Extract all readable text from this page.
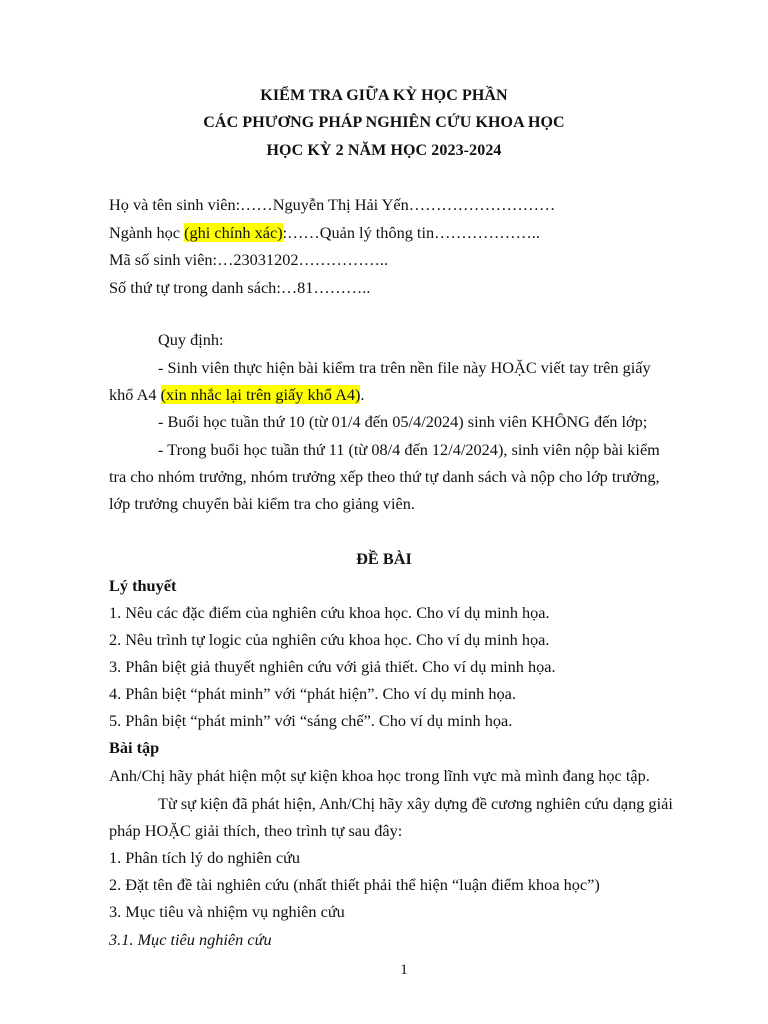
KIỂM TRA GIỮA KỲ HỌC PHẦN
CÁC PHƯƠNG PHÁP NGHIÊN CỨU KHOA HỌC
HỌC KỲ 2 NĂM HỌC 2023-2024
Họ và tên sinh viên:……Nguyễn Thị Hải Yến………………………
Ngành học (ghi chính xác):……Quản lý thông tin………………..
Mã số sinh viên:…23031202……………..
Số thứ tự trong danh sách:…81………..
Quy định:
- Sinh viên thực hiện bài kiểm tra trên nền file này HOẶC viết tay trên giấy
khổ A4 (xin nhắc lại trên giấy khổ A4).
- Buổi học tuần thứ 10 (từ 01/4 đến 05/4/2024) sinh viên KHÔNG đến lớp;
- Trong buổi học tuần thứ 11 (từ 08/4 đến 12/4/2024), sinh viên nộp bài kiểm
tra cho nhóm trưởng, nhóm trưởng xếp theo thứ tự danh sách và nộp cho lớp trưởng,
lớp trưởng chuyển bài kiểm tra cho giảng viên.
ĐỀ BÀI
Lý thuyết
1. Nêu các đặc điểm của nghiên cứu khoa học. Cho ví dụ minh họa.
2. Nêu trình tự logic của nghiên cứu khoa học. Cho ví dụ minh họa.
3. Phân biệt giả thuyết nghiên cứu với giả thiết. Cho ví dụ minh họa.
4. Phân biệt “phát minh” với “phát hiện”. Cho ví dụ minh họa.
5. Phân biệt “phát minh” với “sáng chế”. Cho ví dụ minh họa.
Bài tập
Anh/Chị hãy phát hiện một sự kiện khoa học trong lĩnh vực mà mình đang học tập.
Từ sự kiện đã phát hiện, Anh/Chị hãy xây dựng đề cương nghiên cứu dạng giải
pháp HOẶC giải thích, theo trình tự sau đây:
1. Phân tích lý do nghiên cứu
2. Đặt tên đề tài nghiên cứu (nhất thiết phải thể hiện “luận điểm khoa học”)
3. Mục tiêu và nhiệm vụ nghiên cứu
3.1. Mục tiêu nghiên cứu
1
